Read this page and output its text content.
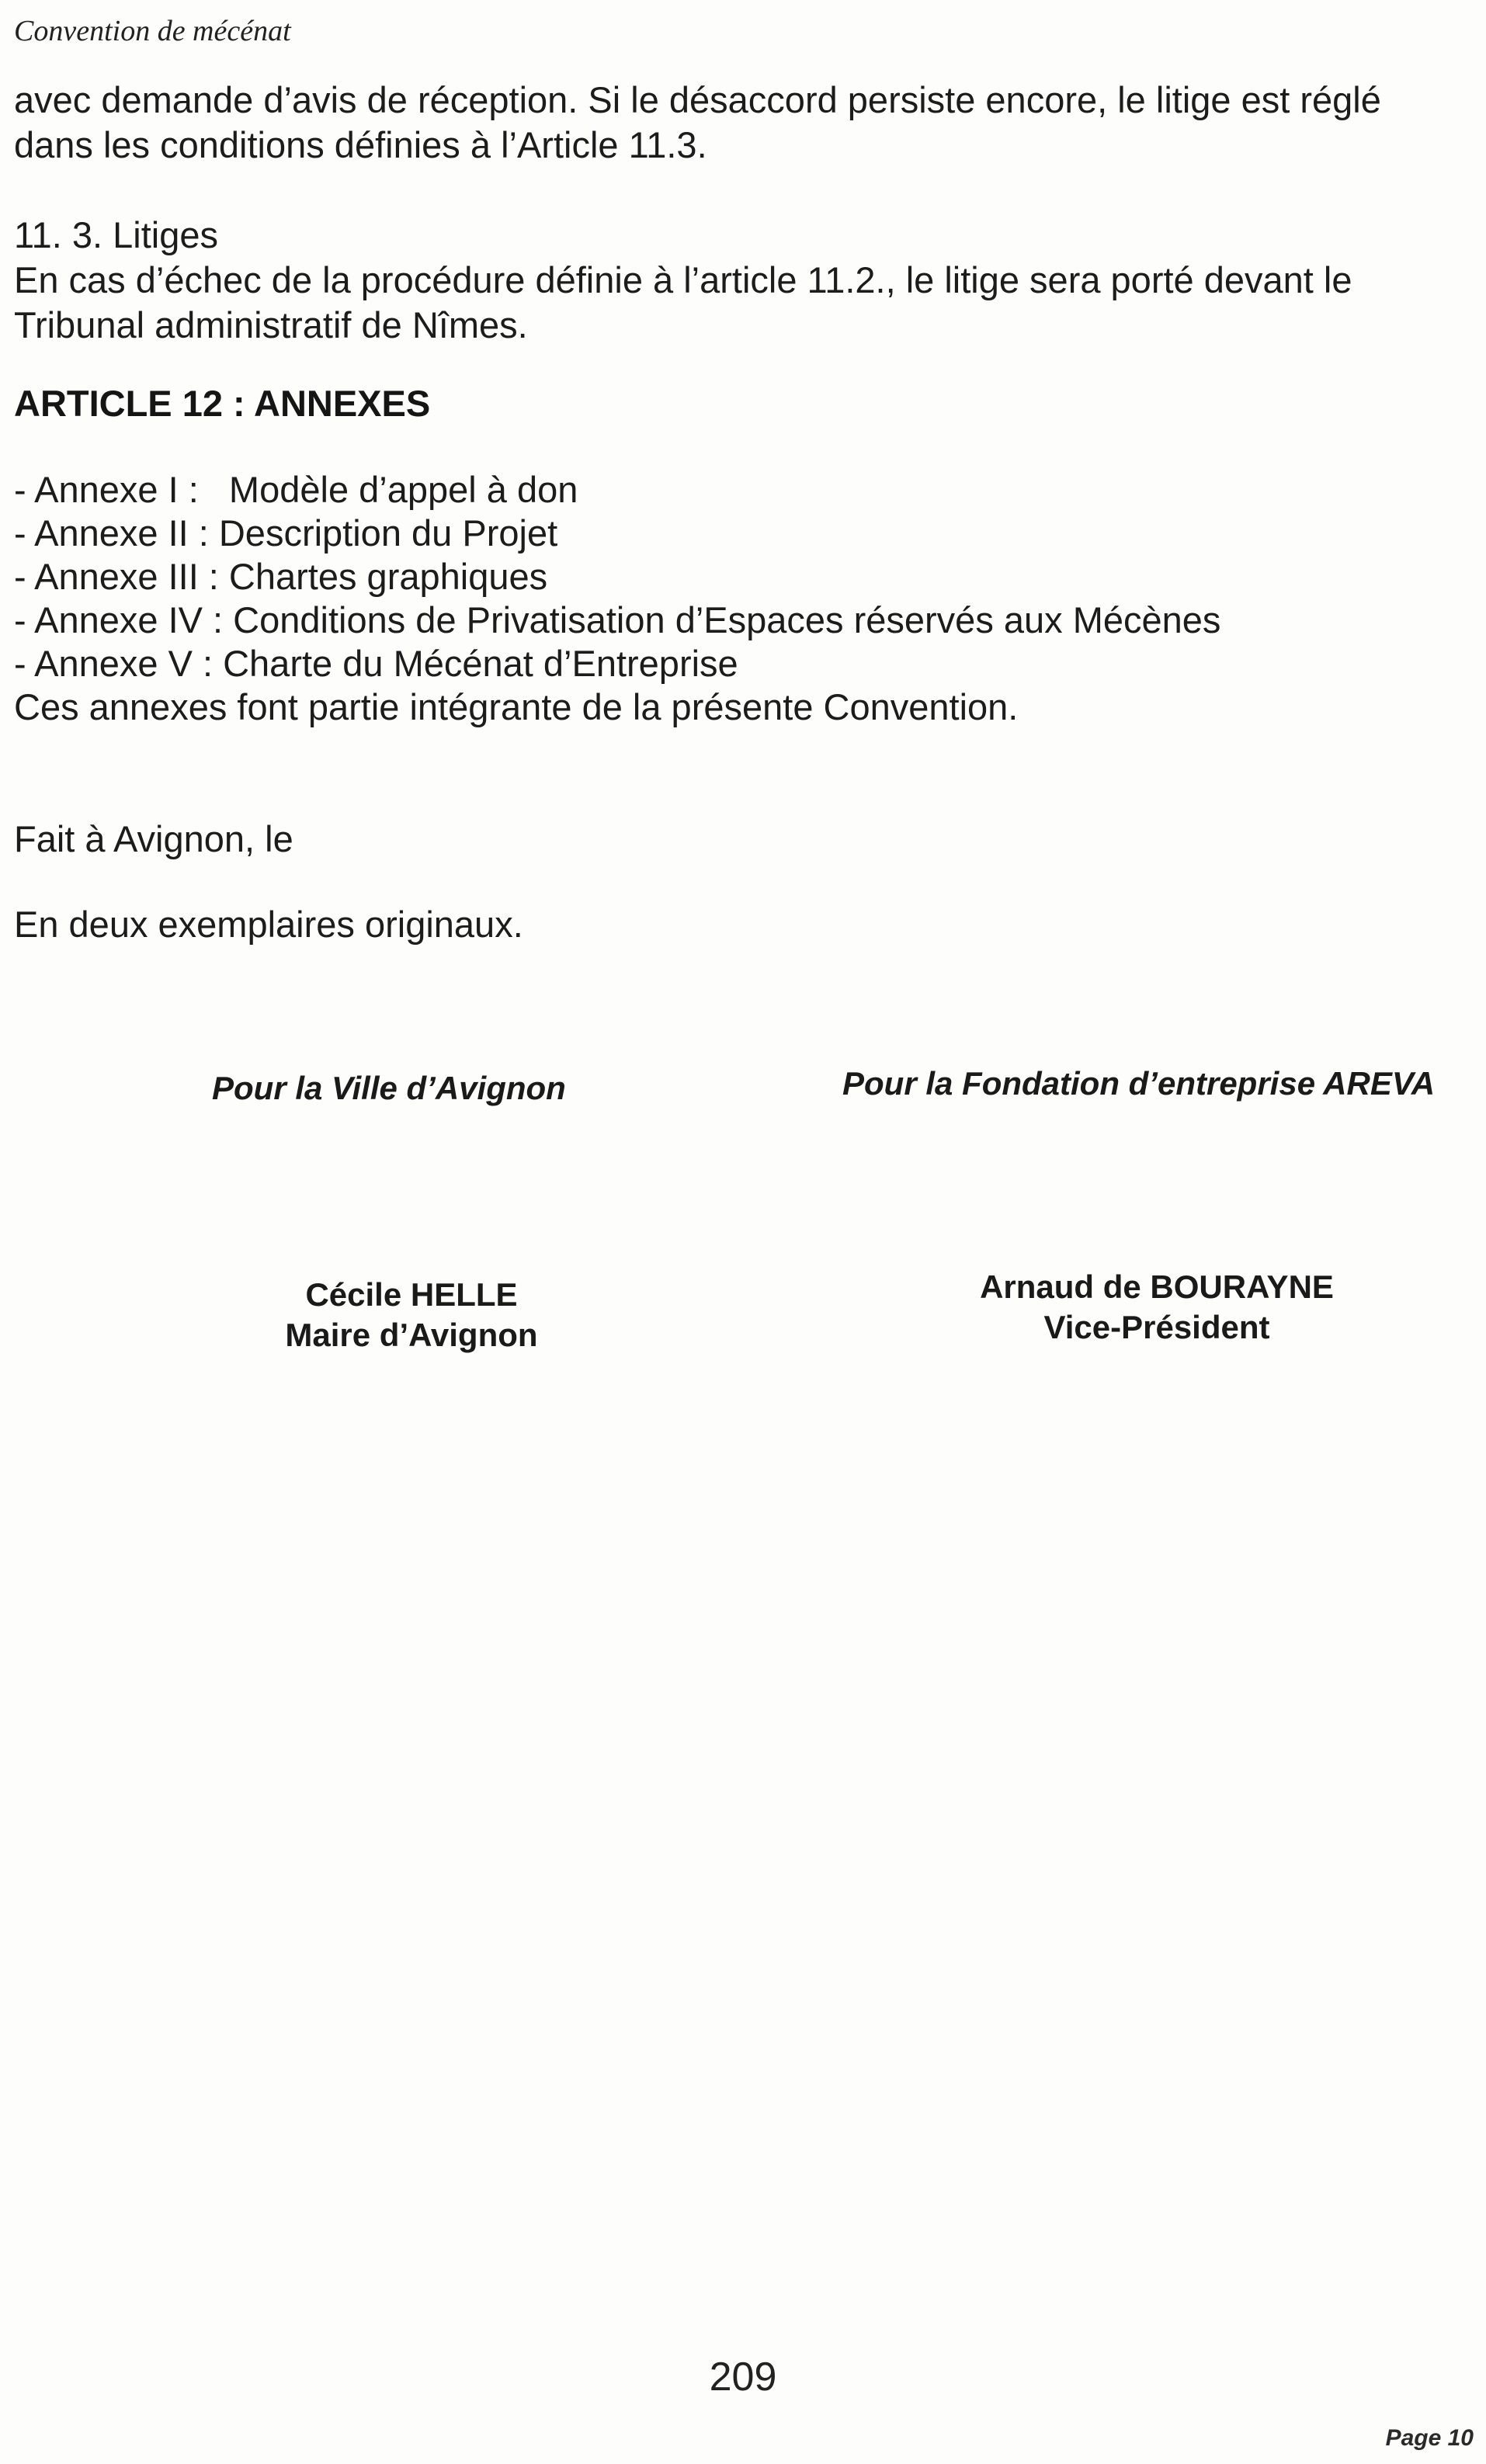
Convention de mécénat
avec demande d’avis de réception. Si le désaccord persiste encore, le litige est réglé
dans les conditions définies à l’Article 11.3.
11. 3. Litiges
En cas d’échec de la procédure définie à l’article 11.2., le litige sera porté devant le
Tribunal administratif de Nîmes.
ARTICLE 12 : ANNEXES
- Annexe I :   Modèle d’appel à don
- Annexe II : Description du Projet
- Annexe III : Chartes graphiques
- Annexe IV : Conditions de Privatisation d’Espaces réservés aux Mécènes
- Annexe V : Charte du Mécénat d’Entreprise
Ces annexes font partie intégrante de la présente Convention.
Fait à Avignon, le
En deux exemplaires originaux.
Pour la Ville d’Avignon	Pour la Fondation d’entreprise AREVA
Cécile HELLE
Maire d’Avignon
Arnaud de BOURAYNE
Vice-Président
209
Page 10
